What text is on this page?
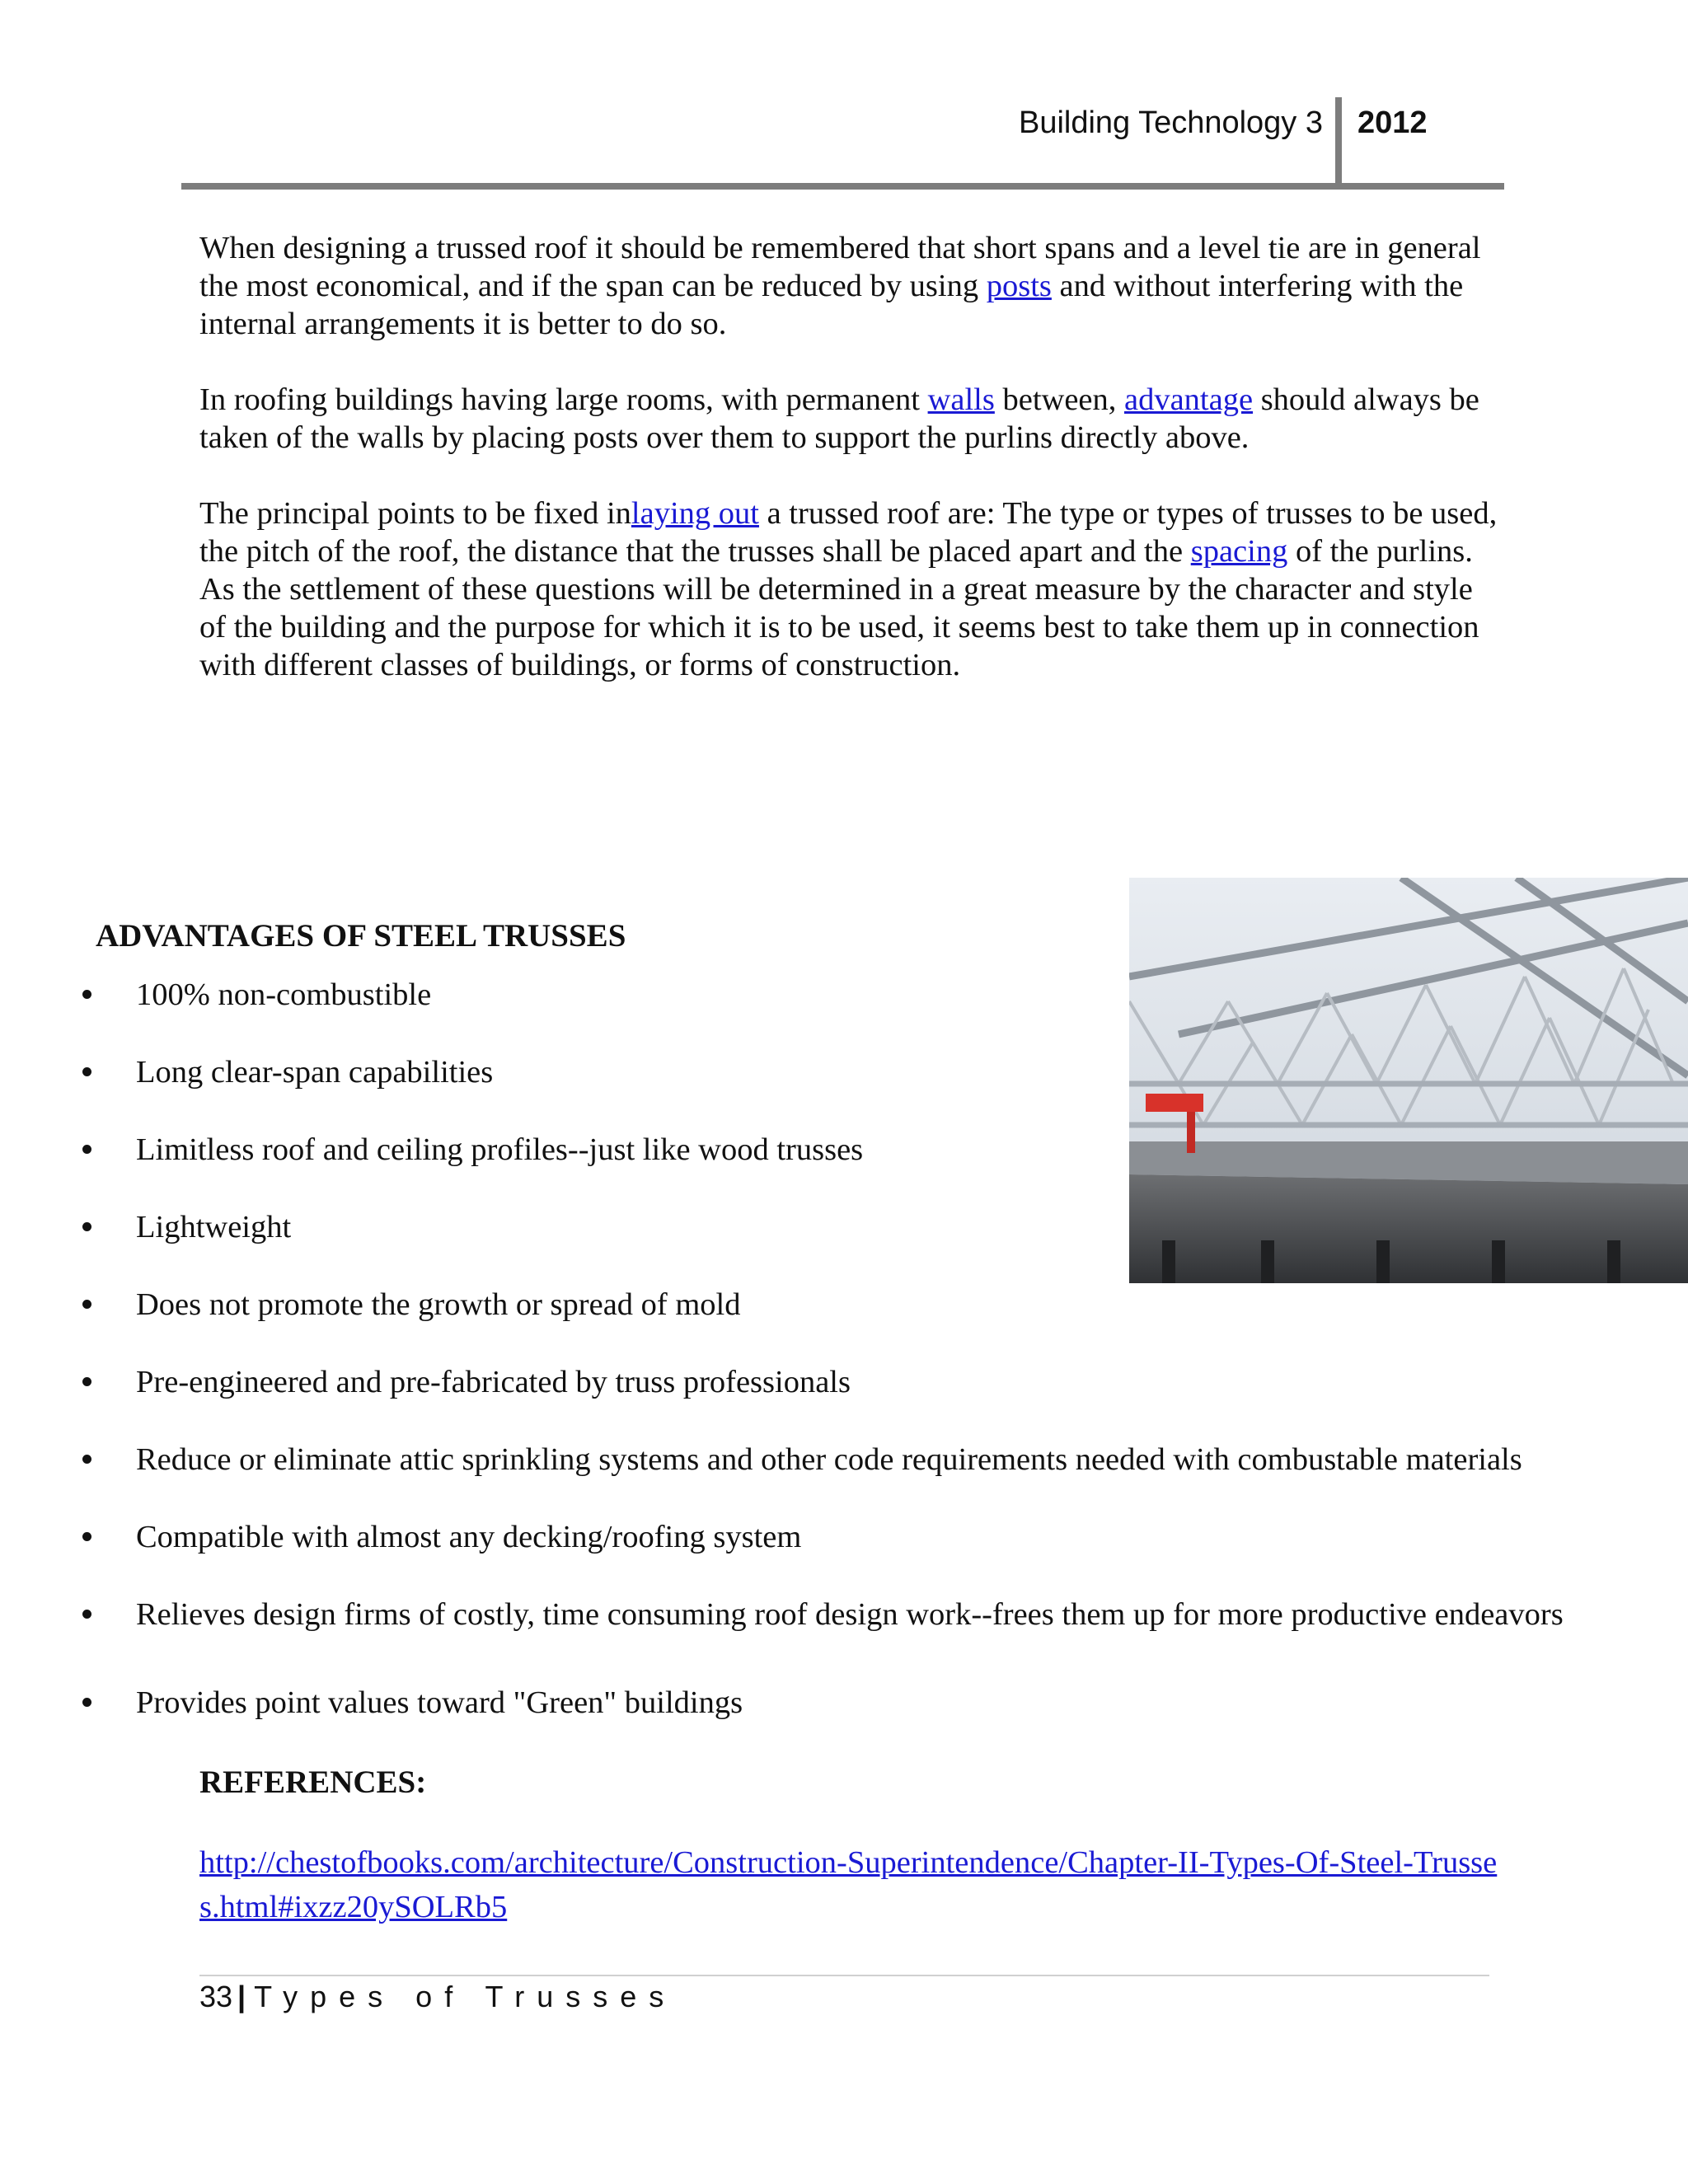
Building Technology 3 2012

When designing a trussed roof it should be remembered that short spans and a level tie are in general the most economical, and if the span can be reduced by using posts and without interfering with the internal arrangements it is better to do so.

In roofing buildings having large rooms, with permanent walls between, advantage should always be taken of the walls by placing posts over them to support the purlins directly above.

The principal points to be fixed inlaying out a trussed roof are: The type or types of trusses to be used, the pitch of the roof, the distance that the trusses shall be placed apart and the spacing of the purlins. As the settlement of these questions will be determined in a great measure by the character and style of the building and the purpose for which it is to be used, it seems best to take them up in connection with different classes of buildings, or forms of construction.

ADVANTAGES OF STEEL TRUSSES
100% non-combustible
Long clear-span capabilities
Limitless roof and ceiling profiles--just like wood trusses
Lightweight
Does not promote the growth or spread of mold
Pre-engineered and pre-fabricated by truss professionals
Reduce or eliminate attic sprinkling systems and other code requirements needed with combustable materials
Compatible with almost any decking/roofing system
Relieves design firms of costly, time consuming roof design work--frees them up for more productive endeavors
Provides point values toward "Green" buildings
REFERENCES:
http://chestofbooks.com/architecture/Construction-Superintendence/Chapter-II-Types-Of-Steel-Trusses.html#ixzz20ySOLRb5
33 | Types of Trusses
